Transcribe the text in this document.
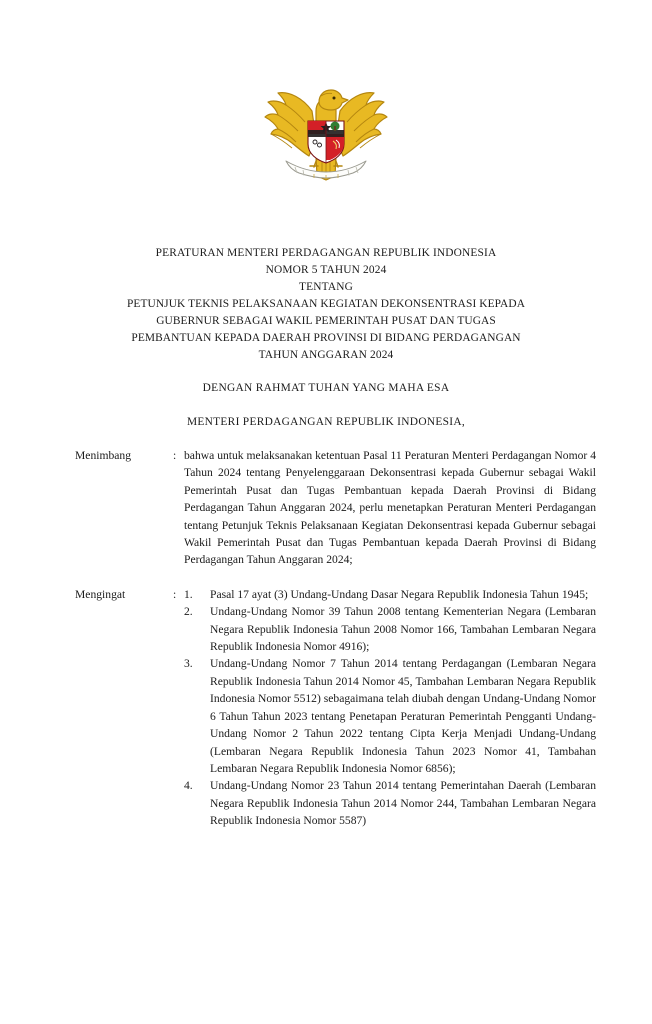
PERATURAN MENTERI PERDAGANGAN REPUBLIK INDONESIA
NOMOR 5 TAHUN 2024
TENTANG
PETUNJUK TEKNIS PELAKSANAAN KEGIATAN DEKONSENTRASI KEPADA
GUBERNUR SEBAGAI WAKIL PEMERINTAH PUSAT DAN TUGAS
PEMBANTUAN KEPADA DAERAH PROVINSI DI BIDANG PERDAGANGAN
TAHUN ANGGARAN 2024
DENGAN RAHMAT TUHAN YANG MAHA ESA
MENTERI PERDAGANGAN REPUBLIK INDONESIA,
Menimbang	: bahwa untuk melaksanakan ketentuan Pasal 11 Peraturan Menteri Perdagangan Nomor 4 Tahun 2024 tentang Penyelenggaraan Dekonsentrasi kepada Gubernur sebagai Wakil Pemerintah Pusat dan Tugas Pembantuan kepada Daerah Provinsi di Bidang Perdagangan Tahun Anggaran 2024, perlu menetapkan Peraturan Menteri Perdagangan tentang Petunjuk Teknis Pelaksanaan Kegiatan Dekonsentrasi kepada Gubernur sebagai Wakil Pemerintah Pusat dan Tugas Pembantuan kepada Daerah Provinsi di Bidang Perdagangan Tahun Anggaran 2024;
Mengingat	: 1.	Pasal 17 ayat (3) Undang-Undang Dasar Negara Republik Indonesia Tahun 1945;
2.	Undang-Undang Nomor 39 Tahun 2008 tentang Kementerian Negara (Lembaran Negara Republik Indonesia Tahun 2008 Nomor 166, Tambahan Lembaran Negara Republik Indonesia Nomor 4916);
3.	Undang-Undang Nomor 7 Tahun 2014 tentang Perdagangan (Lembaran Negara Republik Indonesia Tahun 2014 Nomor 45, Tambahan Lembaran Negara Republik Indonesia Nomor 5512) sebagaimana telah diubah dengan Undang-Undang Nomor 6 Tahun Tahun 2023 tentang Penetapan Peraturan Pemerintah Pengganti Undang-Undang Nomor 2 Tahun 2022 tentang Cipta Kerja Menjadi Undang-Undang (Lembaran Negara Republik Indonesia Tahun 2023 Nomor 41, Tambahan Lembaran Negara Republik Indonesia Nomor 6856);
4.	Undang-Undang Nomor 23 Tahun 2014 tentang Pemerintahan Daerah (Lembaran Negara Republik Indonesia Tahun 2014 Nomor 244, Tambahan Lembaran Negara Republik Indonesia Nomor 5587)
